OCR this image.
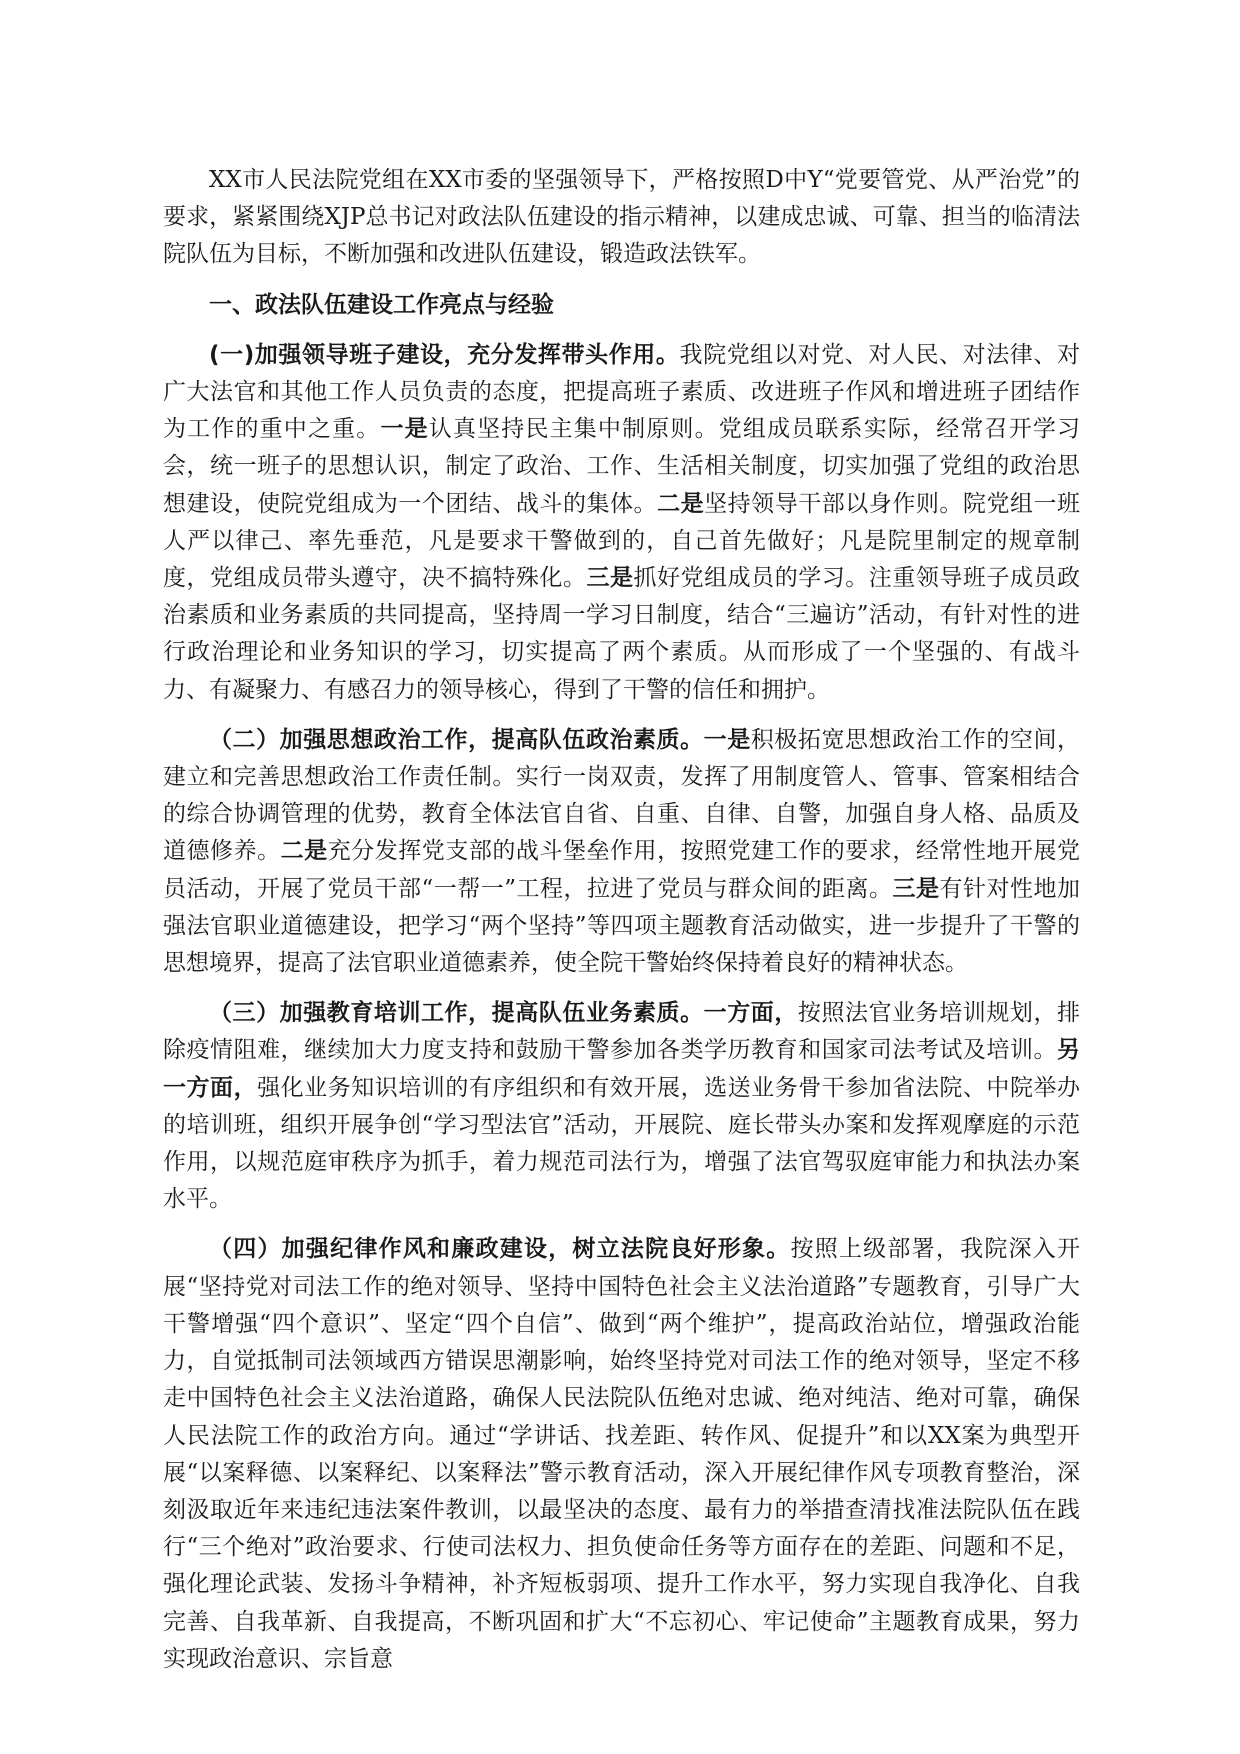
XX市人民法院党组在XX市委的坚强领导下，严格按照D中Y“党要管党、从严治党”的要求，紧紧围绕XJP总书记对政法队伍建设的指示精神，以建成忠诚、可靠、担当的临清法院队伍为目标，不断加强和改进队伍建设，锻造政法铁军。

一、政法队伍建设工作亮点与经验

(一)加强领导班子建设，充分发挥带头作用。我院党组以对党、对人民、对法律、对广大法官和其他工作人员负责的态度，把提高班子素质、改进班子作风和增进班子团结作为工作的重中之重。一是认真坚持民主集中制原则。党组成员联系实际，经常召开学习会，统一班子的思想认识，制定了政治、工作、生活相关制度，切实加强了党组的政治思想建设，使院党组成为一个团结、战斗的集体。二是坚持领导干部以身作则。院党组一班人严以律己、率先垂范，凡是要求干警做到的，自己首先做好；凡是院里制定的规章制度，党组成员带头遵守，决不搞特殊化。三是抓好党组成员的学习。注重领导班子成员政治素质和业务素质的共同提高，坚持周一学习日制度，结合“三遍访”活动，有针对性的进行政治理论和业务知识的学习，切实提高了两个素质。从而形成了一个坚强的、有战斗力、有凝聚力、有感召力的领导核心，得到了干警的信任和拥护。

（二）加强思想政治工作，提高队伍政治素质。一是积极拓宽思想政治工作的空间，建立和完善思想政治工作责任制。实行一岗双责，发挥了用制度管人、管事、管案相结合的综合协调管理的优势，教育全体法官自省、自重、自律、自警，加强自身人格、品质及道德修养。二是充分发挥党支部的战斗堡垒作用，按照党建工作的要求，经常性地开展党员活动，开展了党员干部“一帮一”工程，拉进了党员与群众间的距离。三是有针对性地加强法官职业道德建设，把学习“两个坚持”等四项主题教育活动做实，进一步提升了干警的思想境界，提高了法官职业道德素养，使全院干警始终保持着良好的精神状态。

（三）加强教育培训工作，提高队伍业务素质。一方面，按照法官业务培训规划，排除疫情阻难，继续加大力度支持和鼓励干警参加各类学历教育和国家司法考试及培训。另一方面，强化业务知识培训的有序组织和有效开展，选送业务骨干参加省法院、中院举办的培训班，组织开展争创“学习型法官”活动，开展院、庭长带头办案和发挥观摩庭的示范作用，以规范庭审秩序为抓手，着力规范司法行为，增强了法官驾驭庭审能力和执法办案水平。

（四）加强纪律作风和廉政建设，树立法院良好形象。按照上级部署，我院深入开展“坚持党对司法工作的绝对领导、坚持中国特色社会主义法治道路”专题教育，引导广大干警增强“四个意识”、坚定“四个自信”、做到“两个维护”，提高政治站位，增强政治能力，自觉抵制司法领域西方错误思潮影响，始终坚持党对司法工作的绝对领导，坚定不移走中国特色社会主义法治道路，确保人民法院队伍绝对忠诚、绝对纯洁、绝对可靠，确保人民法院工作的政治方向。通过“学讲话、找差距、转作风、促提升”和以XX案为典型开展“以案释德、以案释纪、以案释法”警示教育活动，深入开展纪律作风专项教育整治，深刻汲取近年来违纪违法案件教训，以最坚决的态度、最有力的举措查清找准法院队伍在践行“三个绝对”政治要求、行使司法权力、担负使命任务等方面存在的差距、问题和不足，强化理论武装、发扬斗争精神，补齐短板弱项、提升工作水平，努力实现自我净化、自我完善、自我革新、自我提高，不断巩固和扩大“不忘初心、牢记使命”主题教育成果，努力实现政治意识、宗旨意
